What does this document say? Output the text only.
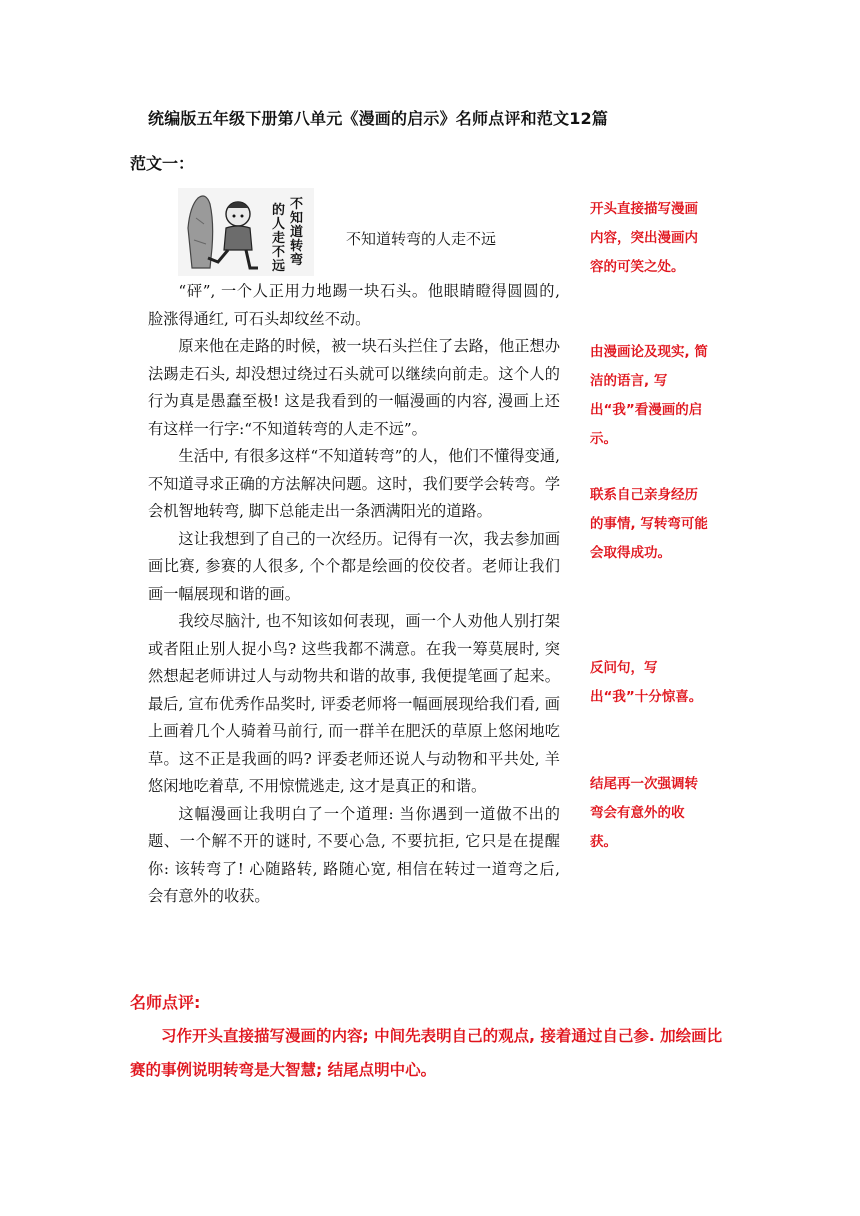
统编版五年级下册第八单元《漫画的启示》名师点评和范文12篇
范文一：
不
知
道
转
弯
的
人
走
不
远
不知道转弯的人走不远

“砰”, 一个人正用力地踢一块石头。他眼睛瞪得圆圆的, 脸涨得通红, 可石头却纹丝不动。

原来他在走路的时候，被一块石头拦住了去路，他正想办法踢走石头, 却没想过绕过石头就可以继续向前走。这个人的行为真是愚蠢至极! 这是我看到的一幅漫画的内容, 漫画上还有这样一行字:“不知道转弯的人走不远”。

生活中, 有很多这样“不知道转弯”的人，他们不懂得变通, 不知道寻求正确的方法解决问题。这时，我们要学会转弯。学会机智地转弯, 脚下总能走出一条洒满阳光的道路。

这让我想到了自己的一次经历。记得有一次，我去参加画画比赛, 参赛的人很多, 个个都是绘画的佼佼者。老师让我们画一幅展现和谐的画。

我绞尽脑汁, 也不知该如何表现，画一个人劝他人别打架或者阻止别人捉小鸟? 这些我都不满意。在我一筹莫展时, 突然想起老师讲过人与动物共和谐的故事, 我便提笔画了起来。最后, 宣布优秀作品奖时, 评委老师将一幅画展现给我们看, 画上画着几个人骑着马前行, 而一群羊在肥沃的草原上悠闲地吃草。这不正是我画的吗? 评委老师还说人与动物和平共处, 羊悠闲地吃着草, 不用惊慌逃走, 这才是真正的和谐。

这幅漫画让我明白了一个道理: 当你遇到一道做不出的题、一个解不开的谜时, 不要心急, 不要抗拒, 它只是在提醒你: 该转弯了! 心随路转, 路随心宽, 相信在转过一道弯之后, 会有意外的收获。

开头直接描写漫画内容，突出漫画内容的可笑之处。
由漫画论及现实, 简洁的语言, 写出“我”看漫画的启示。
联系自己亲身经历的事情, 写转弯可能会取得成功。
反问句，写出“我”十分惊喜。
结尾再一次强调转弯会有意外的收获。
名师点评:

习作开头直接描写漫画的内容; 中间先表明自己的观点, 接着通过自己参. 加绘画比赛的事例说明转弯是大智慧; 结尾点明中心。
